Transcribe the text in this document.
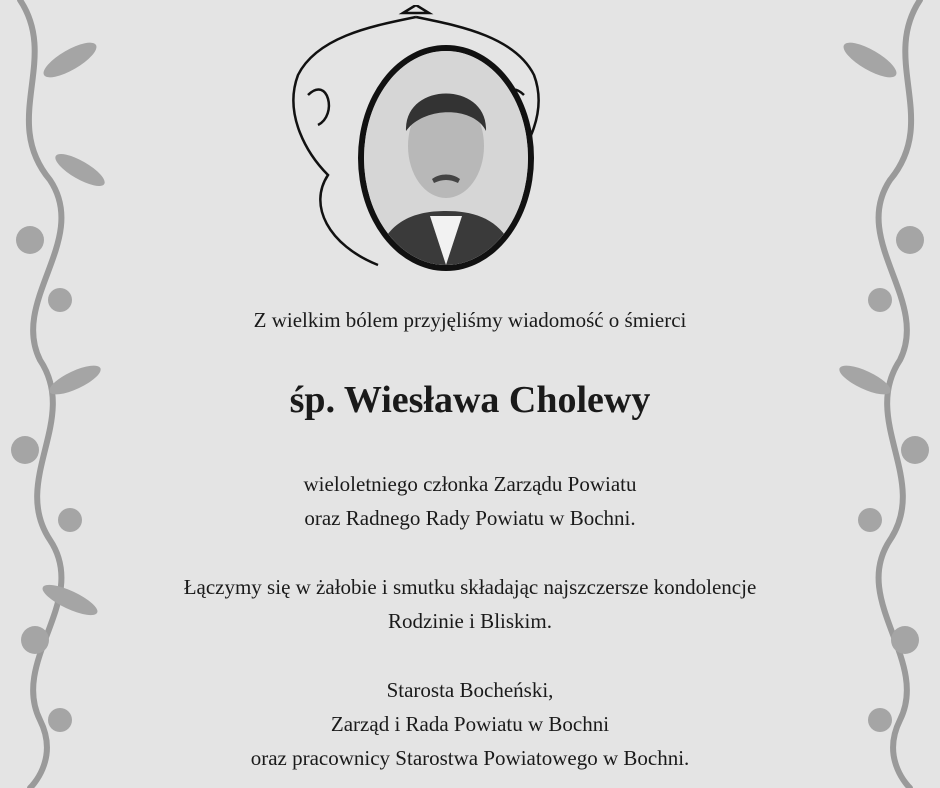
Z wielkim bólem przyjęliśmy wiadomość o śmierci
śp. Wiesława Cholewy
wieloletniego członka Zarządu Powiatu
oraz Radnego Rady Powiatu w Bochni.
Łączymy się w żałobie i smutku składając najszczersze kondolencje
Rodzinie i Bliskim.
Starosta Bocheński,
Zarząd i Rada Powiatu w Bochni
oraz pracownicy Starostwa Powiatowego w Bochni.
